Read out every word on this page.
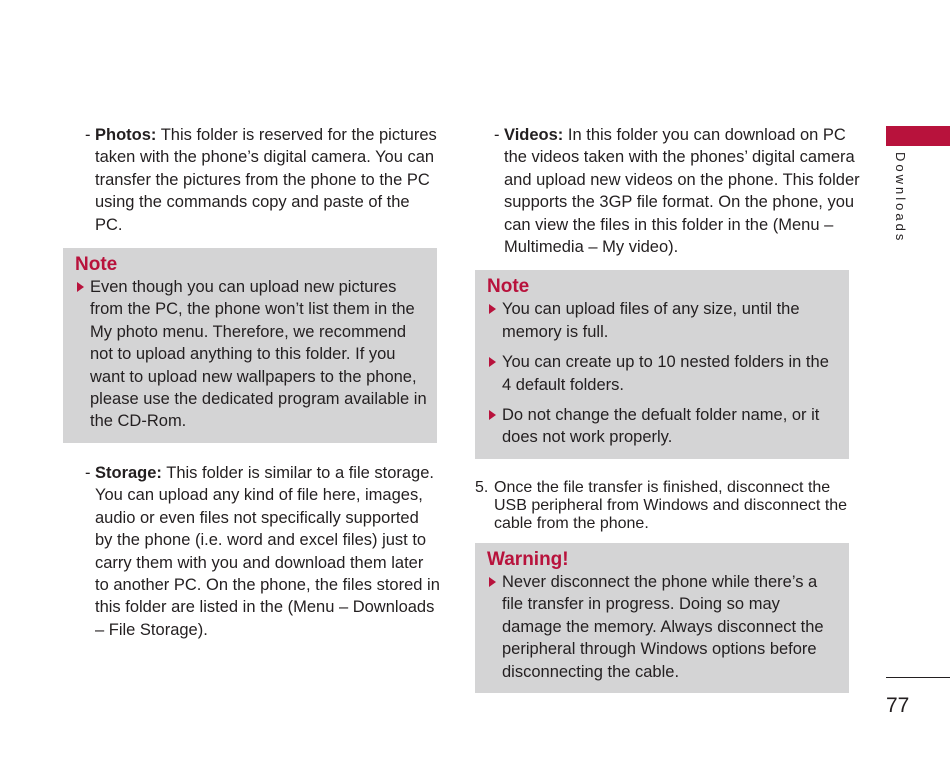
- Photos: This folder is reserved for the pictures taken with the phone’s digital camera. You can transfer the pictures from the phone to the PC using the commands copy and paste of the PC.
Note
Even though you can upload new pictures from the PC, the phone won’t list them in the My photo menu. Therefore, we recommend not to upload anything to this folder. If you want to upload new wallpapers to the phone, please use the dedicated program available in the CD-Rom.
- Storage: This folder is similar to a file storage. You can upload any kind of file here, images, audio or even files not specifically supported by the phone (i.e. word and excel files) just to carry them with you and download them later to another PC. On the phone, the files stored in this folder are listed in the (Menu – Downloads – File Storage).
- Videos: In this folder you can download on PC the videos taken with the phones’ digital camera and upload new videos on the phone. This folder supports the 3GP file format. On the phone, you can view the files in this folder in the (Menu – Multimedia – My video).
Note
You can upload files of any size, until the memory is full.
You can create up to 10 nested folders in the 4 default folders.
Do not change the defualt folder name, or it does not work properly.
5. Once the file transfer is finished, disconnect the USB peripheral from Windows and disconnect the cable from the phone.
Warning!
Never disconnect the phone while there’s a file transfer in progress. Doing so may damage the memory. Always disconnect the peripheral through Windows options before disconnecting the cable.
Downloads
77
